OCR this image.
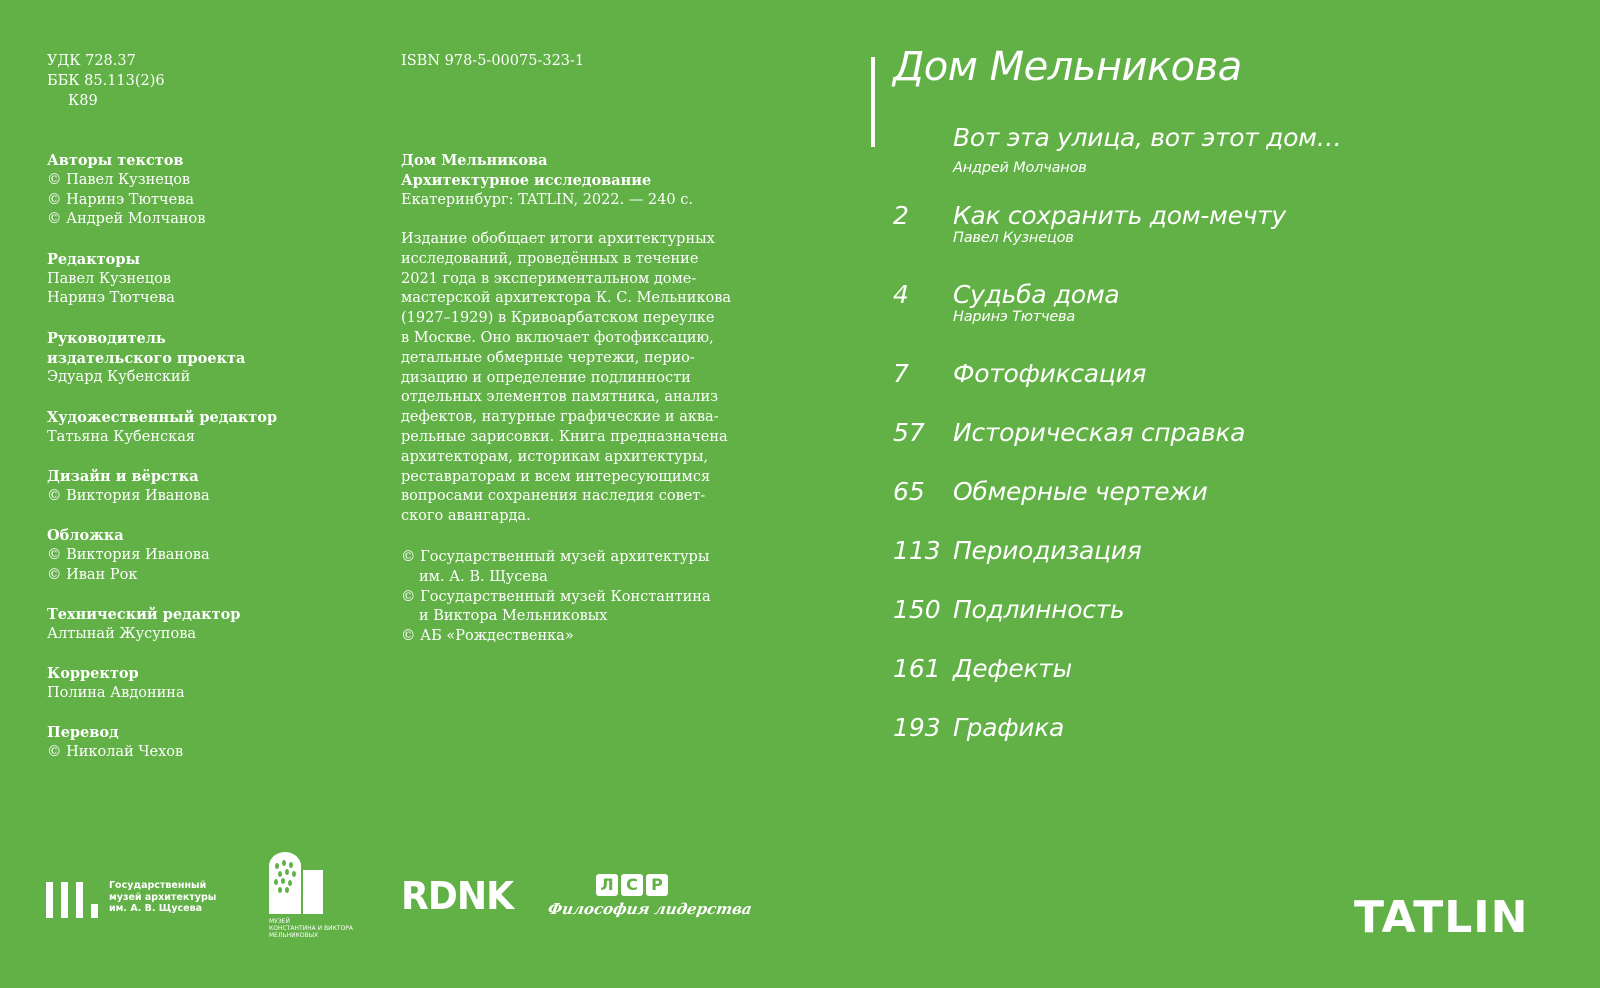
УДК 728.37
ББК 85.113(2)6
К89
Авторы текстов
© Павел Кузнецов
© Наринэ Тютчева
© Андрей Молчанов
Редакторы
Павел Кузнецов
Наринэ Тютчева
Руководитель
издательского проекта
Эдуард Кубенский
Художественный редактор
Татьяна Кубенская
Дизайн и вёрстка
© Виктория Иванова
Обложка
© Виктория Иванова
© Иван Рок
Технический редактор
Алтынай Жусупова
Корректор
Полина Авдонина
Перевод
© Николай Чехов
ISBN 978-5-00075-323-1
Дом Мельникова
Архитектурное исследование
Екатеринбург: TATLIN, 2022. — 240 с.
Издание обобщает итоги архитектурных
исследований, проведённых в течение
2021 года в экспериментальном доме-
мастерской архитектора К. С. Мельникова
(1927–1929) в Кривоарбатском переулке
в Москве. Оно включает фотофиксацию,
детальные обмерные чертежи, перио-
дизацию и определение подлинности
отдельных элементов памятника, анализ
дефектов, натурные графические и аква-
рельные зарисовки. Книга предназначена
архитекторам, историкам архитектуры,
реставраторам и всем интересующимся
вопросами сохранения наследия совет-
ского авангарда.
© Государственный музей архитектуры
им. А. В. Щусева
© Государственный музей Константина
и Виктора Мельниковых
© АБ «Рождественка»
Дом Мельникова
Вот эта улица, вот этот дом…
Андрей Молчанов
2 Как сохранить дом-мечту
Павел Кузнецов
4 Судьба дома
Наринэ Тютчева
7 Фотофиксация
57 Историческая справка
65 Обмерные чертежи
113 Периодизация
150 Подлинность
161 Дефекты
193 Графика
Государственный
музей архитектуры
им. А. В. Щусева
МУЗЕЙ
КОНСТАНТИНА И ВИКТОРА
МЕЛЬНИКОВЫХ
RDNK	Л С Р
Философия лидерства	TATLIN
